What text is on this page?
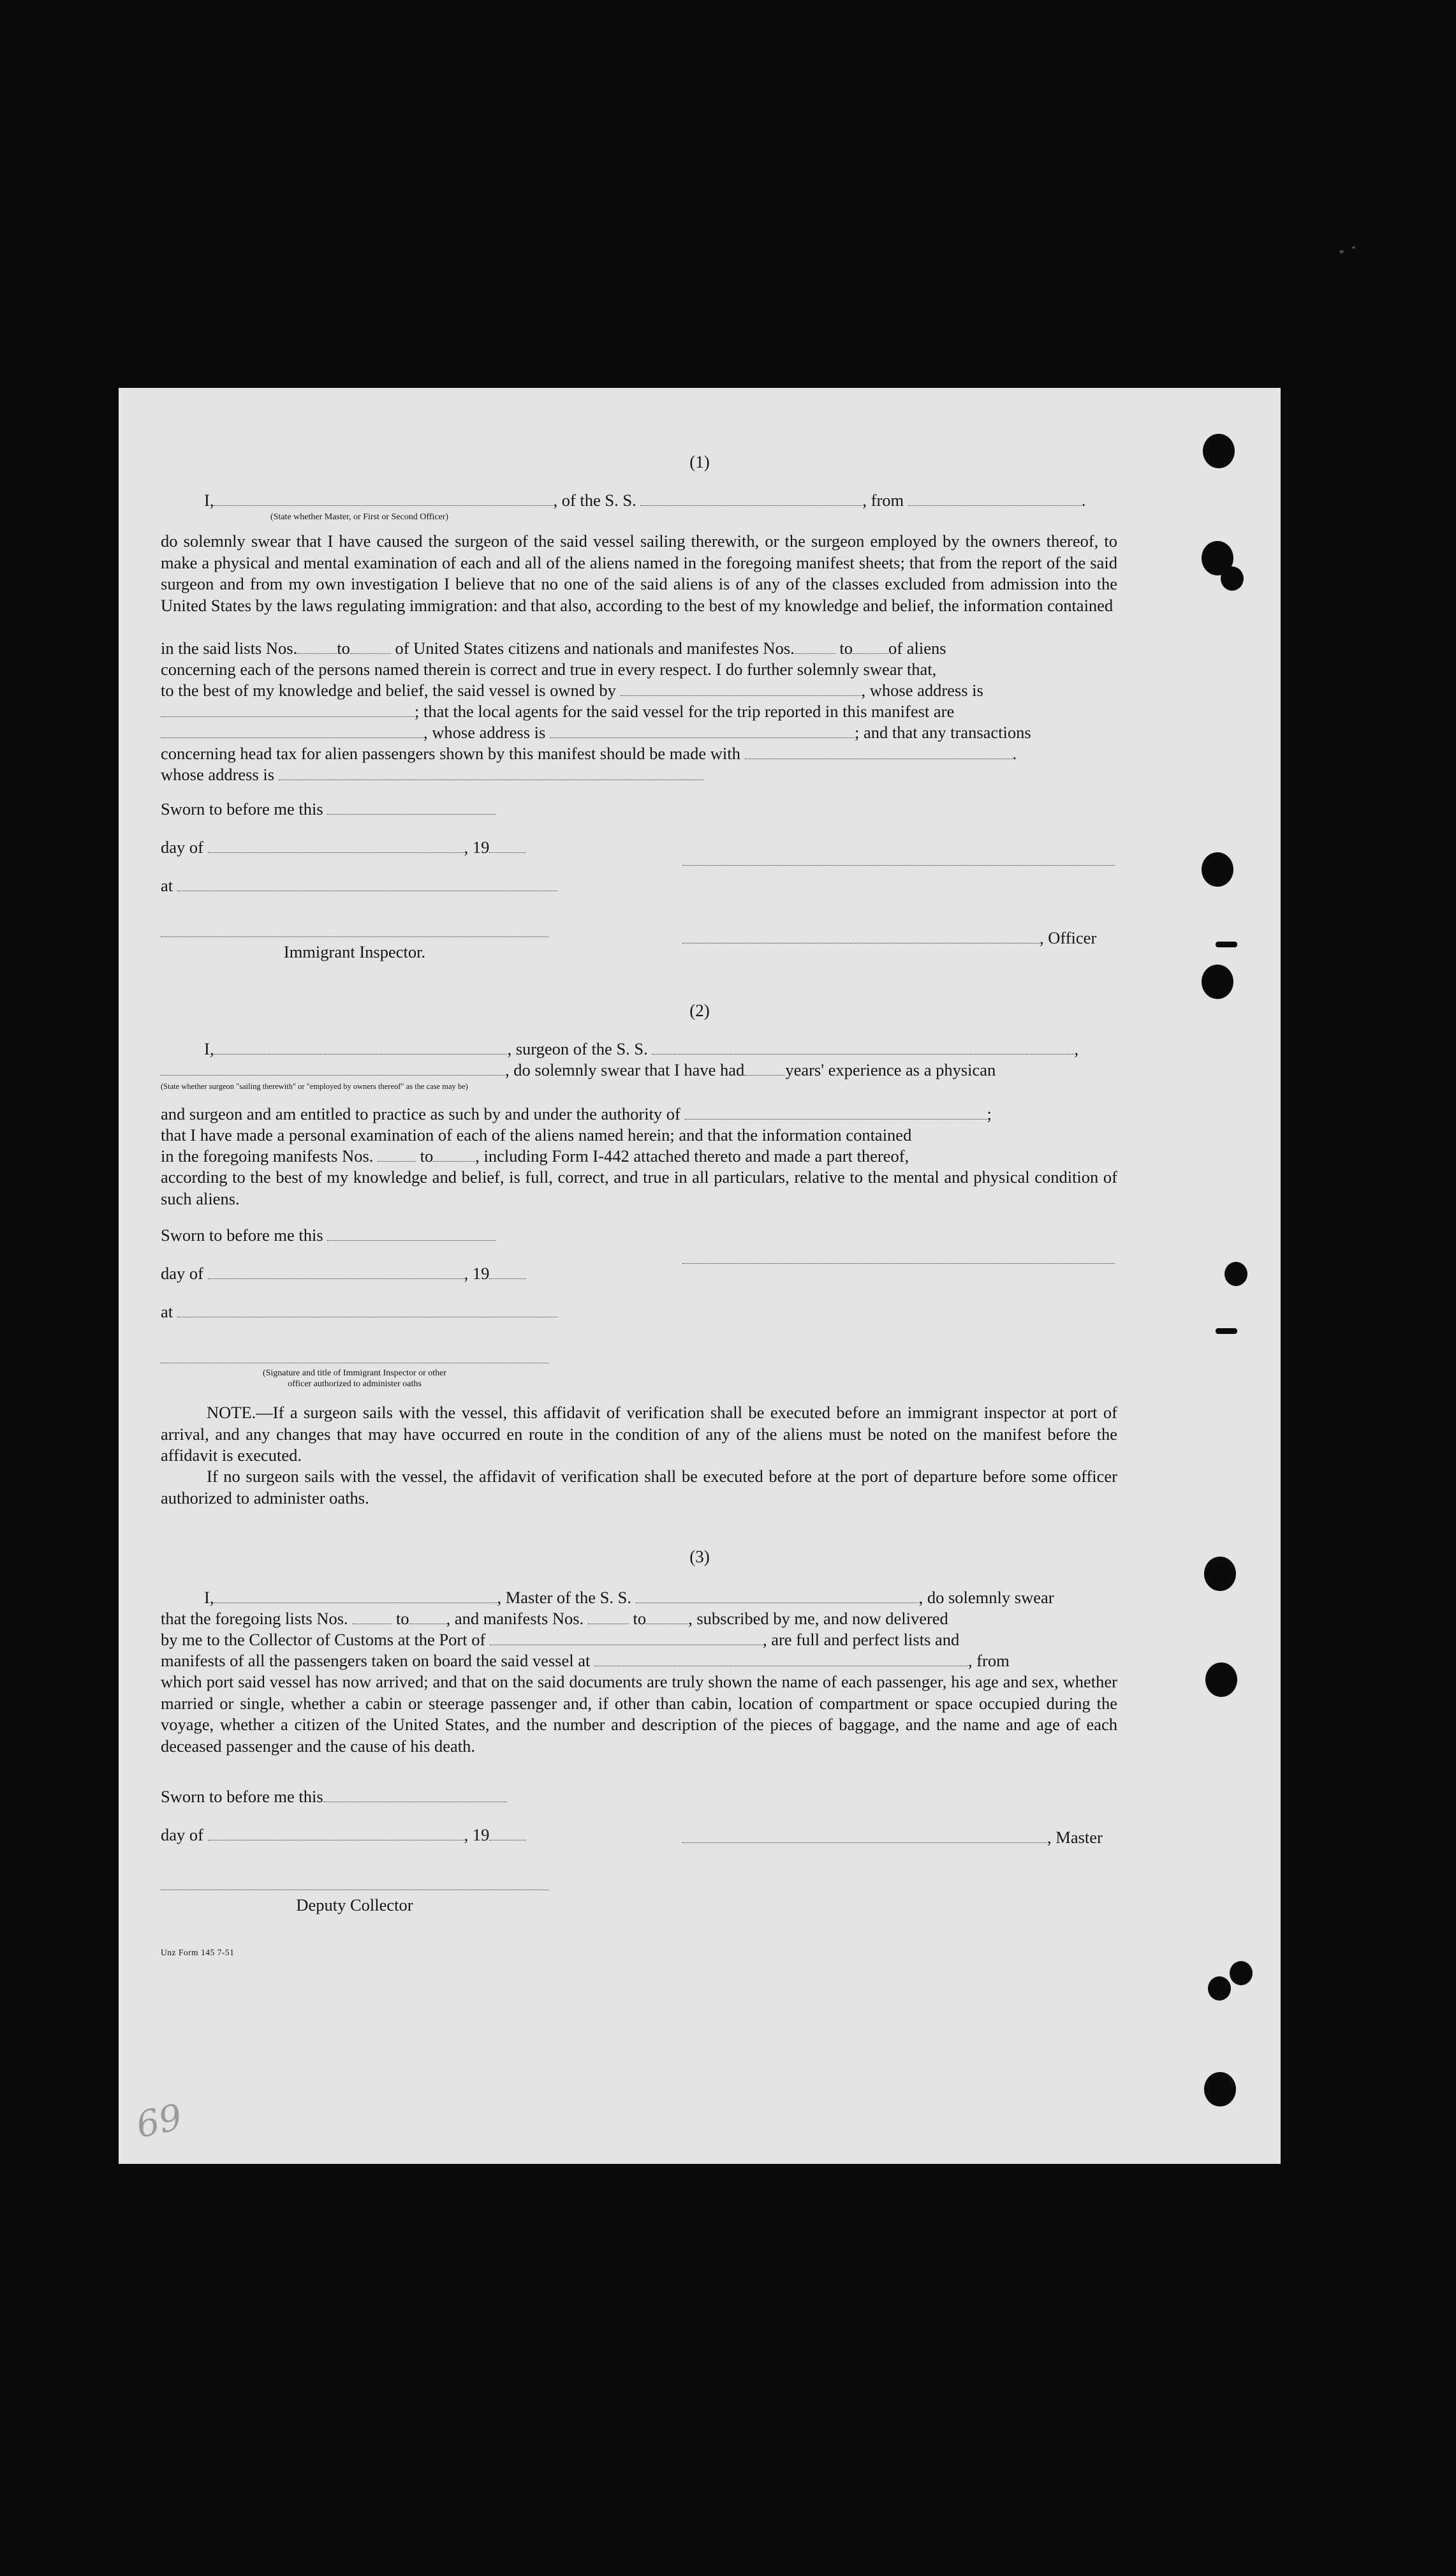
69
(1)
I,	, of the S. S.	, from	.
(State whether Master, or First or Second Officer)
do solemnly swear that I have caused the surgeon of the said vessel sailing therewith, or the surgeon employed by the owners thereof, to make a physical and mental examination of each and all of the aliens named in the foregoing manifest sheets; that from the report of the said surgeon and from my own investigation I believe that no one of the said aliens is of any of the classes excluded from admission into the United States by the laws regulating immigration: and that also, according to the best of my knowledge and belief, the information contained
in the said lists Nos. to	of United States citizens and nationals and manifestes Nos.	to of aliens
concerning each of the persons named therein is correct and true in every respect. I do further solemnly swear that,
to the best of my knowledge and belief, the said vessel is owned by	, whose address is
; that the local agents for the said vessel for the trip reported in this manifest are
, whose address is	; and that any transactions
concerning head tax for alien passengers shown by this manifest should be made with	.
whose address is
Sworn to before me this
day of	, 19
at
Immigrant Inspector.
, Officer
(2)
I,	, surgeon of the S. S.	,
, do solemnly swear that I have had years' experience as a physican
(State whether surgeon "sailing therewith" or "employed by owners thereof" as the case may be)
and surgeon and am entitled to practice as such by and under the authority of	;
that I have made a personal examination of each of the aliens named herein; and that the information contained
in the foregoing manifests Nos.	to , including Form I-442 attached thereto and made a part thereof,
according to the best of my knowledge and belief, is full, correct, and true in all particulars, relative to the mental and physical condition of such aliens.
Sworn to before me this
day of	, 19
at
(Signature and title of Immigrant Inspector or other
officer authorized to administer oaths
NOTE.—If a surgeon sails with the vessel, this affidavit of verification shall be executed before an immigrant inspector at port of arrival, and any changes that may have occurred en route in the condition of any of the aliens must be noted on the manifest before the affidavit is executed.
If no surgeon sails with the vessel, the affidavit of verification shall be executed before at the port of departure before some officer authorized to administer oaths.
(3)
I,	, Master of the S. S.	, do solemnly swear
that the foregoing lists Nos.	to , and manifests Nos.	to , subscribed by me, and now delivered
by me to the Collector of Customs at the Port of	, are full and perfect lists and
manifests of all the passengers taken on board the said vessel at	, from
which port said vessel has now arrived; and that on the said documents are truly shown the name of each passenger, his age and sex, whether married or single, whether a cabin or steerage passenger and, if other than cabin, location of compartment or space occupied during the voyage, whether a citizen of the United States, and the number and description of the pieces of baggage, and the name and age of each deceased passenger and the cause of his death.
Sworn to before me this
day of	, 19	, Master
Deputy Collector
Unz Form 145 7-51
